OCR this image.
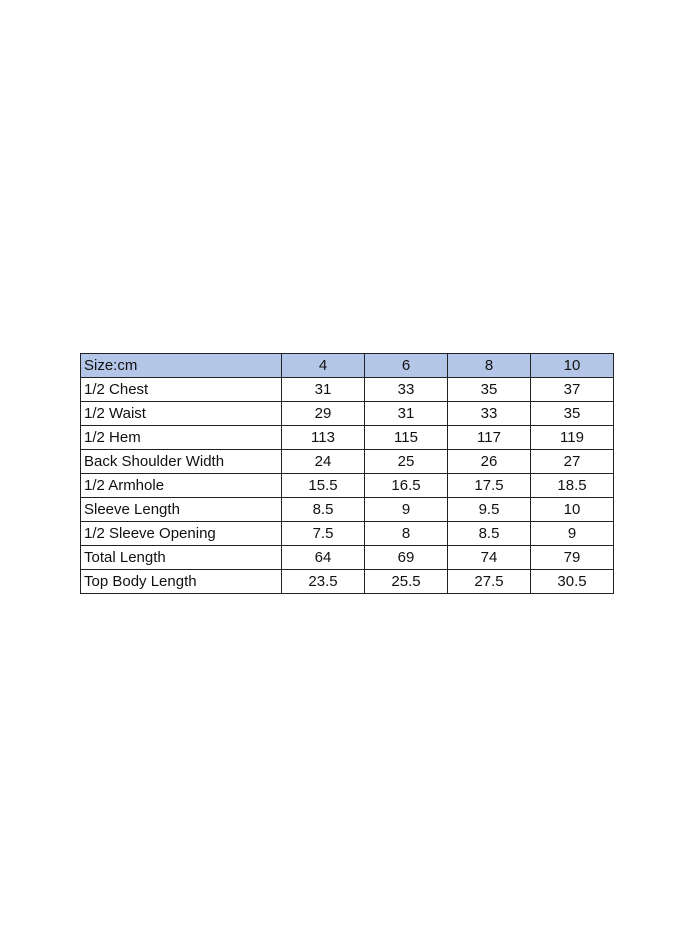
Size:cm	4	6	8	10
1/2 Chest	31	33	35	37
1/2 Waist	29	31	33	35
1/2 Hem	113	115	117	119
Back Shoulder Width	24	25	26	27
1/2 Armhole	15.5	16.5	17.5	18.5
Sleeve Length	8.5	9	9.5	10
1/2 Sleeve Opening	7.5	8	8.5	9
Total Length	64	69	74	79
Top Body Length	23.5	25.5	27.5	30.5
